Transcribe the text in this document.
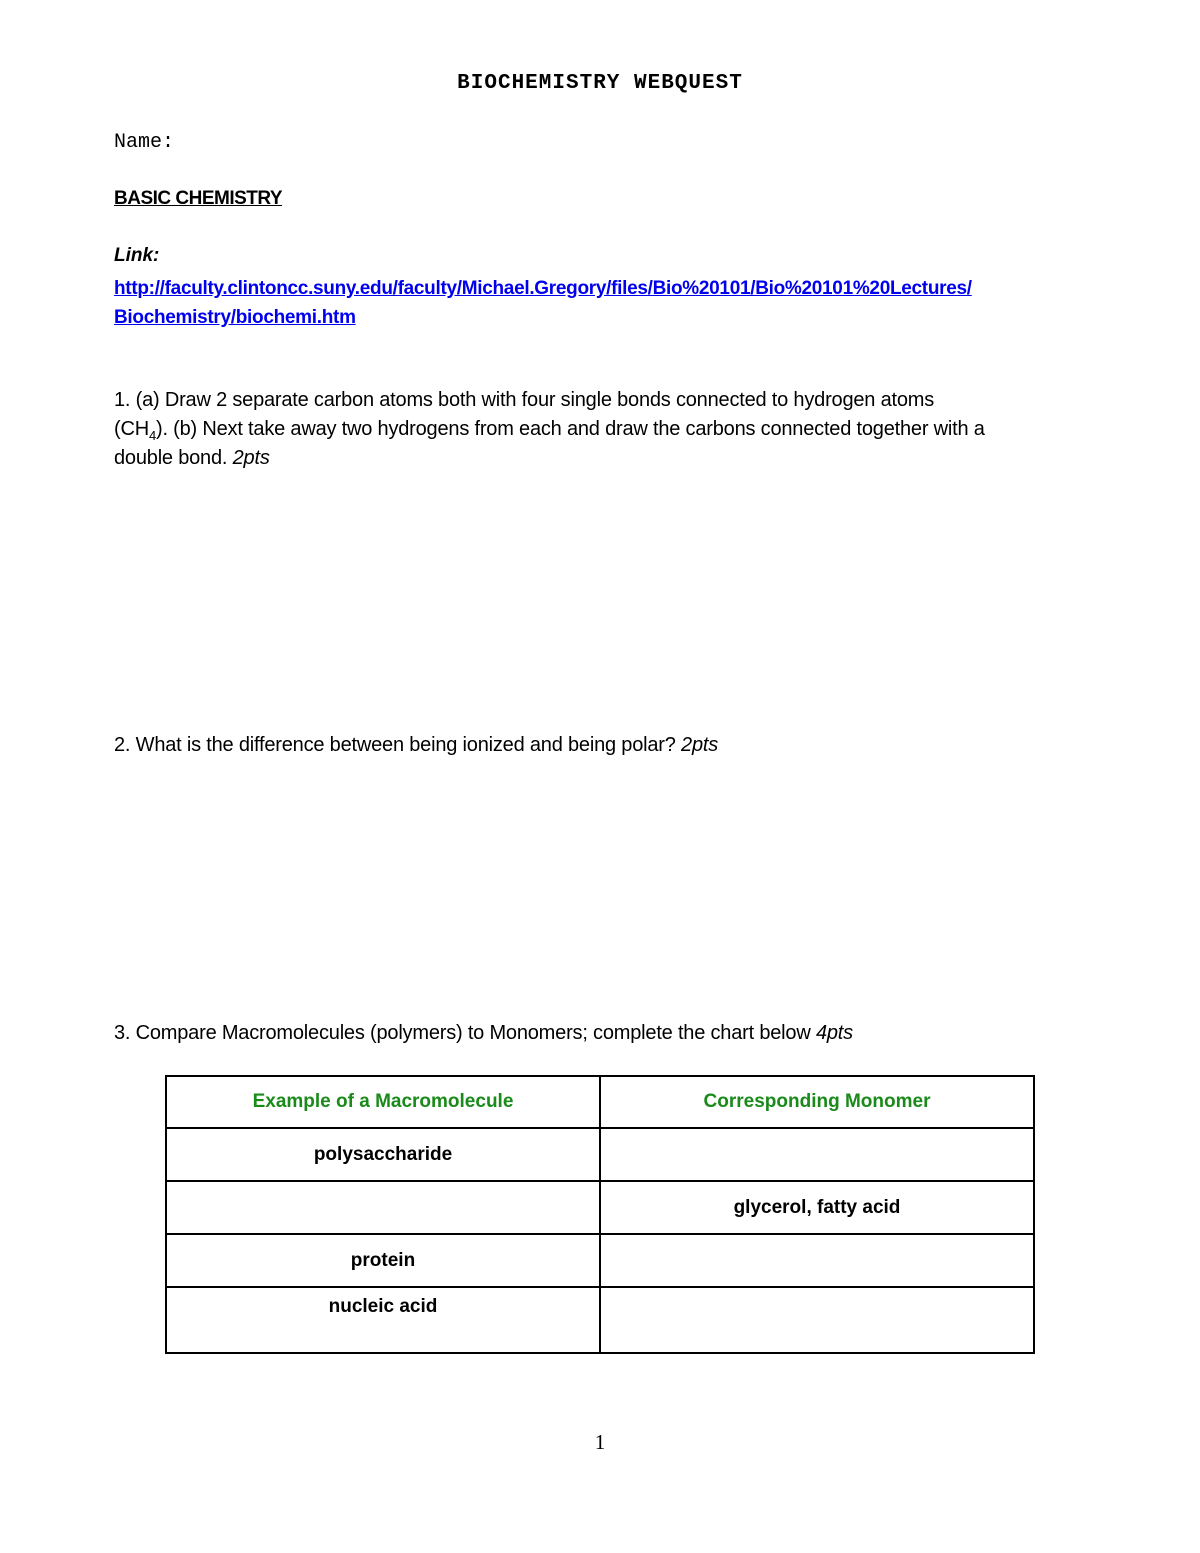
BIOCHEMISTRY WEBQUEST
Name:
BASIC CHEMISTRY
Link:
http://faculty.clintoncc.suny.edu/faculty/Michael.Gregory/files/Bio%20101/Bio%20101%20Lectures/
Biochemistry/biochemi.htm
1. (a) Draw 2 separate carbon atoms both with four single bonds connected to hydrogen atoms
$(CH_4)$. (b) Next take away two hydrogens from each and draw the carbons connected together with a
double bond. 2pts
2. What is the difference between being ionized and being polar? 2pts
3. Compare Macromolecules (polymers) to Monomers; complete the chart below 4pts
Example of a Macromolecule	Corresponding Monomer
polysaccharide	
	glycerol, fatty acid
protein	
nucleic acid	
1
